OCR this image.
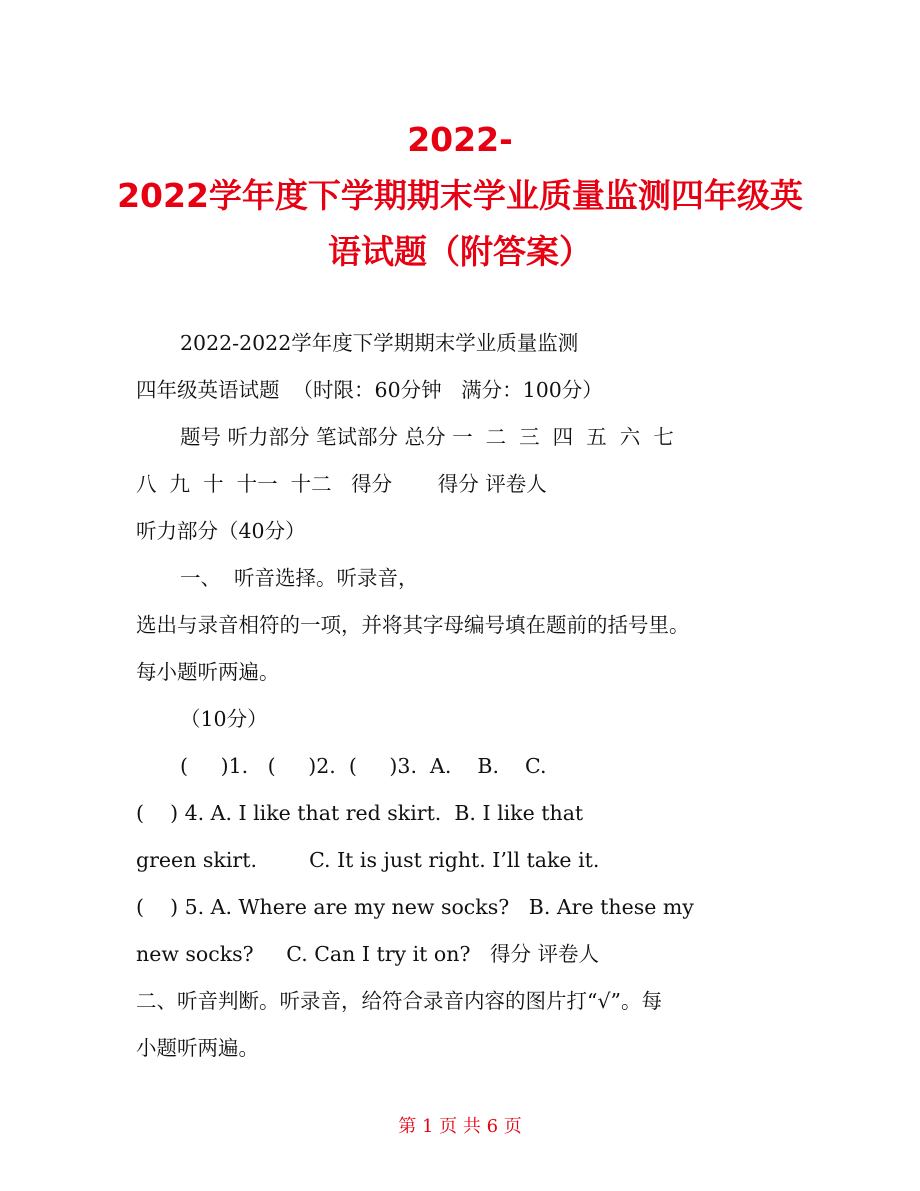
2022-
2022学年度下学期期末学业质量监测四年级英
语试题（附答案）
2022-2022学年度下学期期末学业质量监测
四年级英语试题  （时限：60分钟   满分：100分）
题号 听力部分 笔试部分 总分 一  二  三  四  五  六  七
八  九  十  十一  十二   得分       得分 评卷人
听力部分（40分）
一、  听音选择。听录音，
选出与录音相符的一项，并将其字母编号填在题前的括号里。
每小题听两遍。
（10分）
(     )1.   (     )2.  (     )3.  A.    B.    C.
(    ) 4. A. I like that red skirt.  B. I like that
green skirt.        C. It is just right. I’ll take it.
(    ) 5. A. Where are my new socks?   B. Are these my
new socks?     C. Can I try it on?   得分 评卷人
二、听音判断。听录音，给符合录音内容的图片打“√”。每
小题听两遍。
第 1 页 共 6 页
